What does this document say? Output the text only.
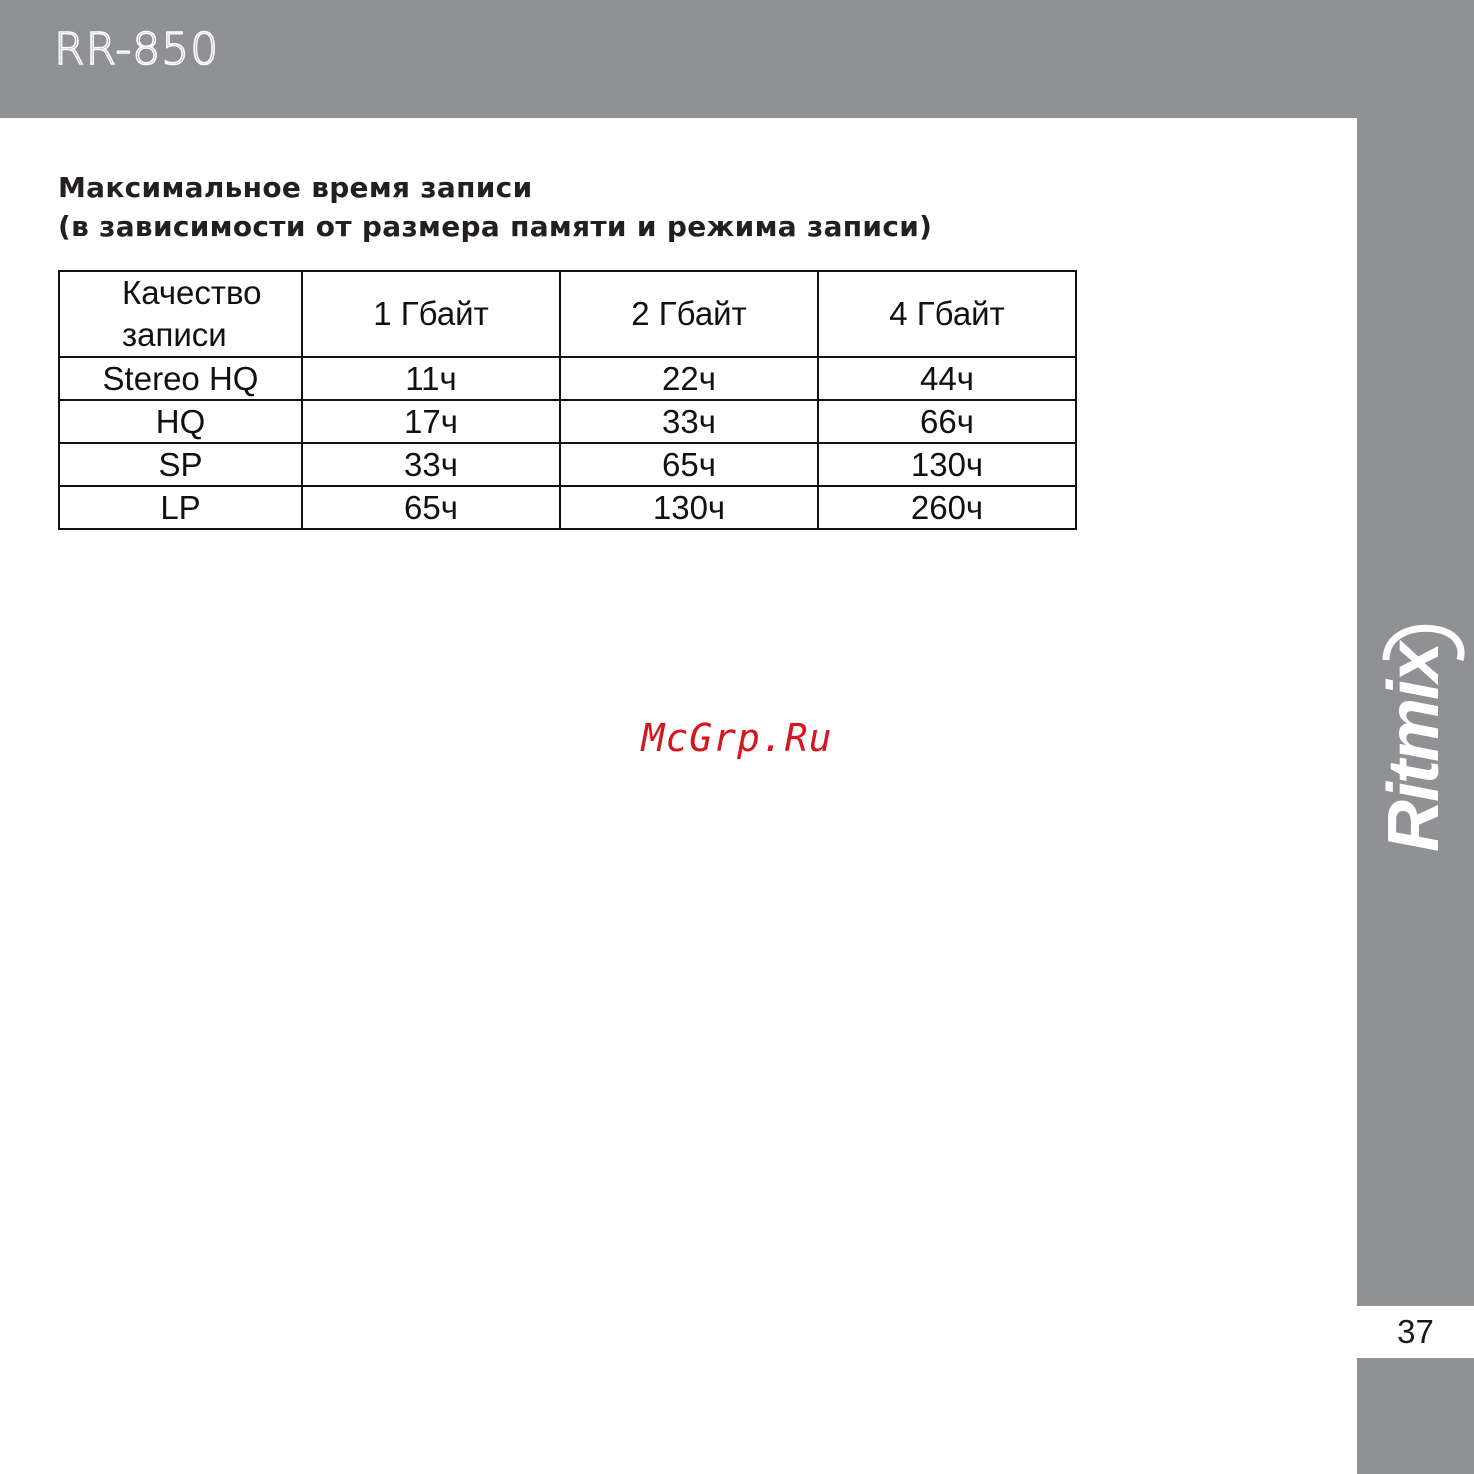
RR-850
37
Ritmix
Максимальное время записи
(в зависимости от размера памяти и режима записи)
Качество
записи	1 Гбайт	2 Гбайт	4 Гбайт
Stereo HQ	11ч	22ч	44ч
HQ	17ч	33ч	66ч
SP	33ч	65ч	130ч
LP	65ч	130ч	260ч
McGrp.Ru
